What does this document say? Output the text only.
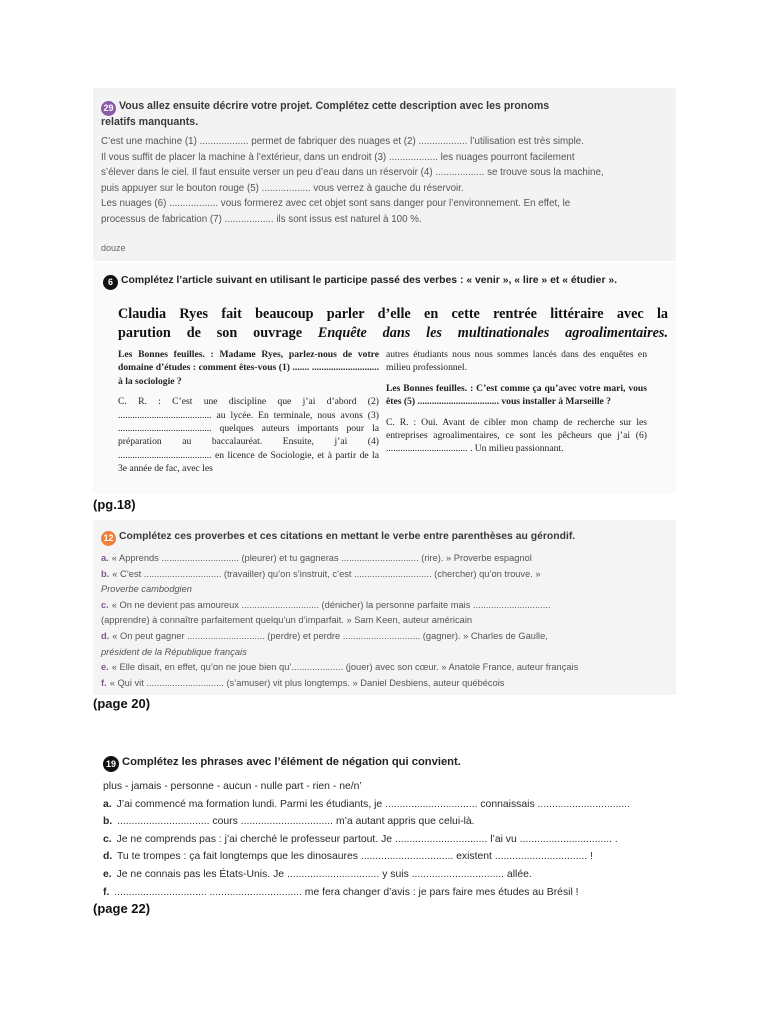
29 Vous allez ensuite décrire votre projet. Complétez cette description avec les pronoms
relatifs manquants.
C’est une machine (1) .................. permet de fabriquer des nuages et (2) .................. l’utilisation est très simple.
Il vous suffit de placer la machine à l’extérieur, dans un endroit (3) .................. les nuages pourront facilement
s’élever dans le ciel. Il faut ensuite verser un peu d’eau dans un réservoir (4) .................. se trouve sous la machine,
puis appuyer sur le bouton rouge (5) .................. vous verrez à gauche du réservoir.
Les nuages (6) .................. vous formerez avec cet objet sont sans danger pour l’environnement. En effet, le
processus de fabrication (7) .................. ils sont issus est naturel à 100 %.
douze
6 Complétez l’article suivant en utilisant le participe passé des verbes : « venir », « lire » et « étudier ».
Claudia Ryes fait beaucoup parler d’elle en cette rentrée littéraire avec la
parution de son ouvrage Enquête dans les multinationales agroalimentaires.

Les Bonnes feuilles. : Madame Ryes, parlez-nous de votre domaine d’études : comment êtes-vous (1) ....... ............................ à la sociologie ?

C. R. : C’est une discipline que j’ai d’abord (2) ....................................... au lycée. En terminale, nous avons (3) ....................................... quelques auteurs importants pour la préparation au baccalauréat. Ensuite, j’ai (4) ....................................... en licence de Sociologie, et à partir de la 3e année de fac, avec les

autres étudiants nous nous sommes lancés dans des enquêtes en milieu professionnel.

Les Bonnes feuilles. : C’est comme ça qu’avec votre mari, vous êtes (5) .................................. vous installer à Marseille ?

C. R. : Oui. Avant de cibler mon champ de recherche sur les entreprises agroalimentaires, ce sont les pêcheurs que j’ai (6) .................................. . Un milieu passionnant.

(pg.18)
12 Complétez ces proverbes et ces citations en mettant le verbe entre parenthèses au gérondif.
a. « Apprends .............................. (pleurer) et tu gagneras .............................. (rire). » Proverbe espagnol
b. « C’est .............................. (travailler) qu’on s’instruit, c’est .............................. (chercher) qu’on trouve. »
Proverbe cambodgien
c. « On ne devient pas amoureux .............................. (dénicher) la personne parfaite mais ..............................
(apprendre) à connaître parfaitement quelqu’un d’imparfait. » Sam Keen, auteur américain
d. « On peut gagner .............................. (perdre) et perdre .............................. (gagner). » Charles de Gaulle,
président de la République français
e. « Elle disait, en effet, qu’on ne joue bien qu’.................... (jouer) avec son cœur. » Anatole France, auteur français
f. « Qui vit .............................. (s’amuser) vit plus longtemps. » Daniel Desbiens, auteur québécois
(page 20)
19 Complétez les phrases avec l’élément de négation qui convient.
plus - jamais - personne - aucun - nulle part - rien - ne/n’
a. J’ai commencé ma formation lundi. Parmi les étudiants, je ................................ connaissais ................................
b. ................................ cours ................................ m’a autant appris que celui-là.
c. Je ne comprends pas : j’ai cherché le professeur partout. Je ................................ l’ai vu ................................ .
d. Tu te trompes : ça fait longtemps que les dinosaures ................................ existent ................................ !
e. Je ne connais pas les États-Unis. Je ................................ y suis ................................ allée.
f. ................................ ................................ me fera changer d’avis : je pars faire mes études au Brésil !
(page 22)
